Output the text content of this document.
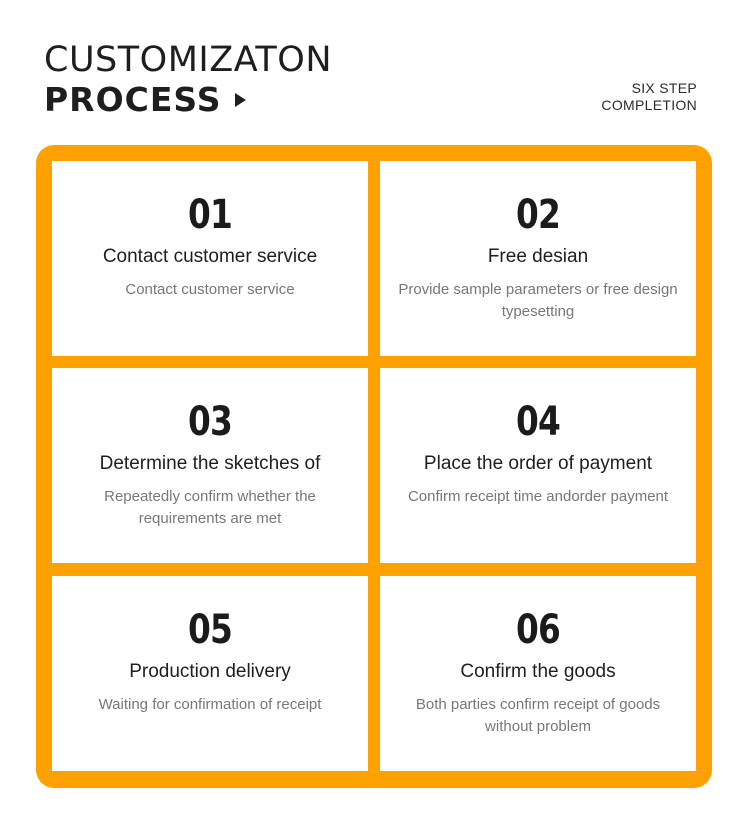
CUSTOMIZATON
PROCESS	SIX STEP
COMPLETION
01
Contact customer service
Contact customer service
02
Free desian
Provide sample parameters or free design typesetting
03
Determine the sketches of
Repeatedly confirm whether the requirements are met
04
Place the order of payment
Confirm receipt time andorder payment
05
Production delivery
Waiting for confirmation of receipt
06
Confirm the goods
Both parties confirm receipt of goods without problem
